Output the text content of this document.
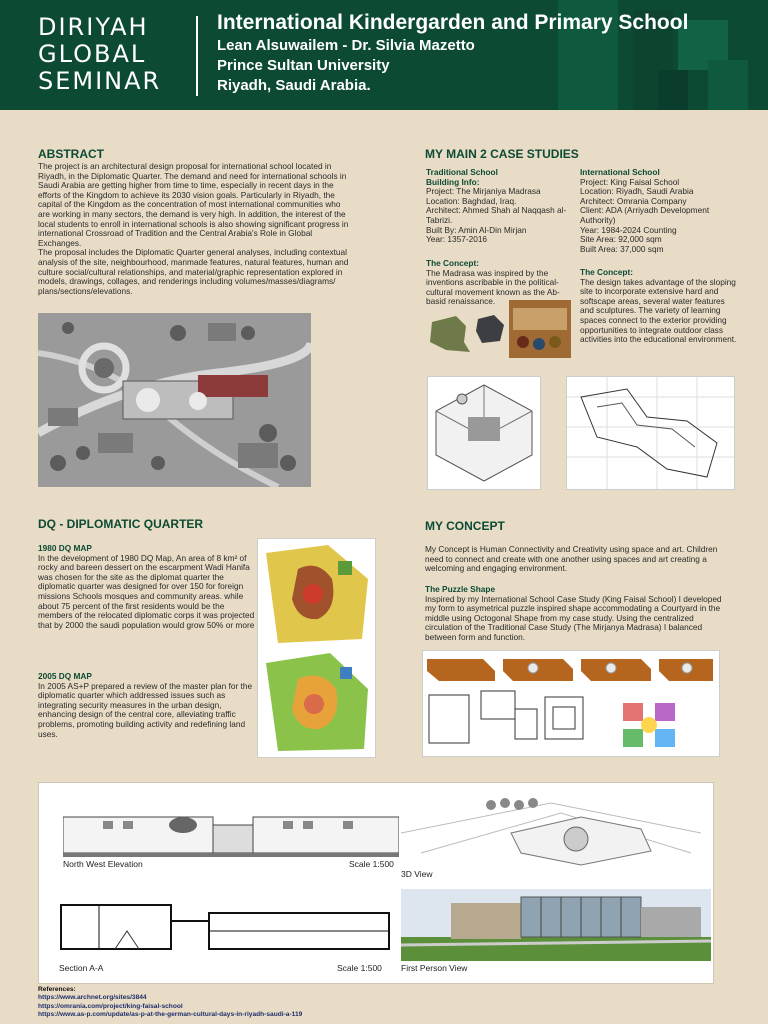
DIRIYAH
GLOBAL
SEMINAR
International Kindergarden and Primary School
Lean Alsuwailem - Dr. Silvia Mazetto
Prince Sultan University
Riyadh, Saudi Arabia.
ABSTRACT
The project is an architectural design proposal for international school located in Riyadh, in the Diplomatic Quarter. The demand and need for international schools in Saudi Arabia are getting higher from time to time, especially in recent days in the efforts of the Kingdom to achieve its 2030 vision goals. Particularly in Riyadh, the capital of the Kingdom as the concentration of most international communities who are working in many sectors, the demand is very high. In addition, the interest of the local students to enroll in international schools is also showing significant progress in international Crossroad of Tradition and the Central Arabia's Role in Global Exchanges.
The proposal includes the Diplomatic Quarter general analyses, including contextual analysis of the site, neighbourhood, manmade features, natural features, human and culture social/cultural relationships, and material/graphic representation explored in models, drawings, collages, and renderings including volumes/masses/diagrams/ plans/sections/elevations.
MY MAIN 2 CASE STUDIES
Traditional School
Building Info:
Project: The Mirjaniya Madrasa
Location: Baghdad, Iraq.
Architect: Ahmed Shah al Naqqash al-Tabrizi.
Built By: Amin Al-Din Mirjan
Year: 1357-2016
The Concept:
The Madrasa was inspired by the inventions ascribable in the political-cultural movement known as the Ab-basid renaissance.
International School
Project: King Faisal School
Location: Riyadh, Saudi Arabia
Architect: Omrania Company
Client: ADA (Arriyadh Development Authority)
Year: 1984-2024 Counting
Site Area: 92,000 sqm
Built Area: 37,000 sqm
The Concept:
The design takes advantage of the sloping site to incorporate extensive hard and softscape areas, several water features and sculptures. The variety of learning spaces connect to the exterior providing opportunities to integrate outdoor class activities into the educational environment.
DQ - DIPLOMATIC QUARTER
1980 DQ MAP
In the development of 1980 DQ Map, An area of 8 km² of rocky and bareen dessert on the escarpment Wadi Hanifa was chosen for the site as the diplomat quarter the diplomatic quarter was designed for over 150 for foreign missions Schools mosques and community areas. while about 75 percent of the first residents would be the members of the relocated diplomatic corps it was projected that by 2000 the saudi population would grow 50% or more
2005 DQ MAP
In 2005 AS+P prepared a review of the master plan for the diplomatic quarter which addressed issues such as integrating security measures in the urban design, enhancing design of the central core, alleviating traffic problems, promoting building activity and redefining land uses.
MY CONCEPT
My Concept is Human Connectivity and Creativity using space and art. Children need to connect and create with one another using spaces and art creating a welcoming and engaging environment.
The Puzzle Shape
Inspired by my International School Case Study (King Faisal School) I developed my form to asymetrical puzzle inspired shape accommodating a Courtyard in the middle using Octogonal Shape from my case study. Using the centralized circulation of the Traditional Case Study (The Mirjanya Madrasa) I balanced between form and function.
North West Elevation	Scale 1:500
3D View
Section A-A	Scale 1:500 First Person View
References:
https://www.archnet.org/sites/3844
https://omrania.com/project/king-faisal-school
https://www.as-p.com/update/as-p-at-the-german-cultural-days-in-riyadh-saudi-a-119
